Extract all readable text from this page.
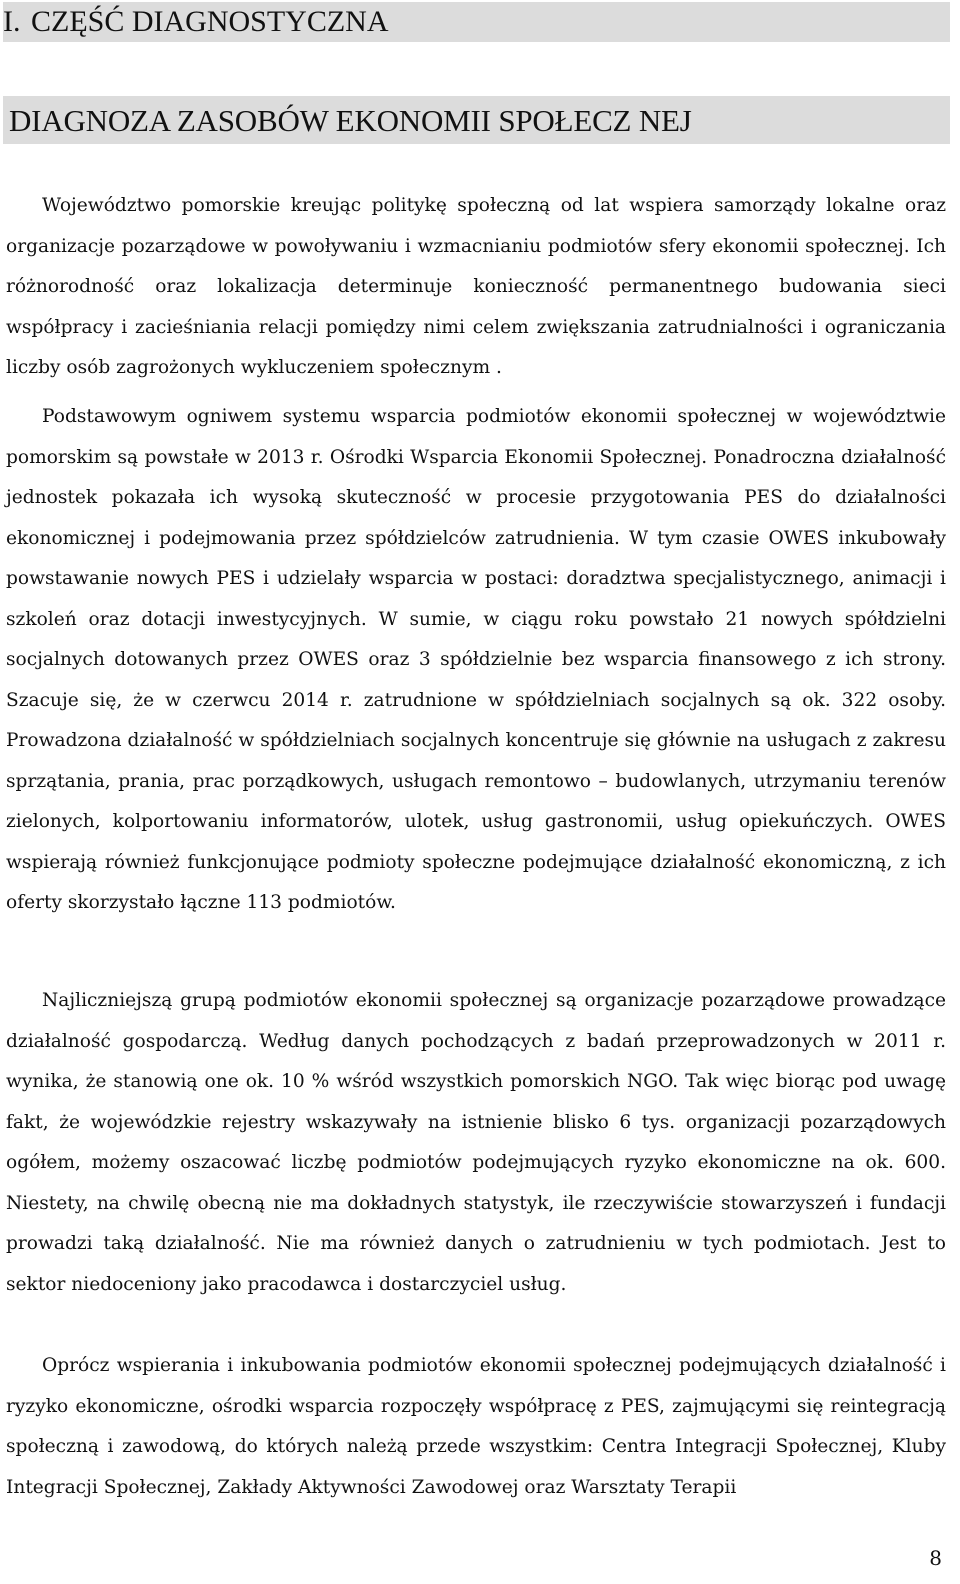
I. CZĘŚĆ DIAGNOSTYCZNA
DIAGNOZA ZASOBÓW EKONOMII SPOŁECZ NEJ

Województwo pomorskie kreując politykę społeczną od lat wspiera samorządy lokalne oraz organizacje pozarządowe w powoływaniu i wzmacnianiu podmiotów sfery ekonomii społecznej. Ich różnorodność oraz lokalizacja determinuje konieczność permanentnego budowania sieci współpracy i zacieśniania relacji pomiędzy nimi celem zwiększania zatrudnialności i ograniczania liczby osób zagrożonych wykluczeniem społecznym .

Podstawowym ogniwem systemu wsparcia podmiotów ekonomii społecznej w województwie pomorskim są powstałe w 2013 r. Ośrodki Wsparcia Ekonomii Społecznej. Ponadroczna działalność jednostek pokazała ich wysoką skuteczność w procesie przygotowania PES do działalności ekonomicznej i podejmowania przez spółdzielców zatrudnienia. W tym czasie OWES inkubowały powstawanie nowych PES i udzielały wsparcia w postaci: doradztwa specjalistycznego, animacji i szkoleń oraz dotacji inwestycyjnych. W sumie, w ciągu roku powstało 21 nowych spółdzielni socjalnych dotowanych przez OWES oraz 3 spółdzielnie bez wsparcia finansowego z ich strony. Szacuje się, że w czerwcu 2014 r. zatrudnione w spółdzielniach socjalnych są ok. 322 osoby. Prowadzona działalność w spółdzielniach socjalnych koncentruje się głównie na usługach z zakresu sprzątania, prania, prac porządkowych, usługach remontowo – budowlanych, utrzymaniu terenów zielonych, kolportowaniu informatorów, ulotek, usług gastronomii, usług opiekuńczych. OWES wspierają również funkcjonujące podmioty społeczne podejmujące działalność ekonomiczną, z ich oferty skorzystało łączne 113 podmiotów.

Najliczniejszą grupą podmiotów ekonomii społecznej są organizacje pozarządowe prowadzące działalność gospodarczą. Według danych pochodzących z badań przeprowadzonych w 2011 r. wynika, że stanowią one ok. 10 % wśród wszystkich pomorskich NGO. Tak więc biorąc pod uwagę fakt, że wojewódzkie rejestry wskazywały na istnienie blisko 6 tys. organizacji pozarządowych ogółem, możemy oszacować liczbę podmiotów podejmujących ryzyko ekonomiczne na ok. 600. Niestety, na chwilę obecną nie ma dokładnych statystyk, ile rzeczywiście stowarzyszeń i fundacji prowadzi taką działalność. Nie ma również danych o zatrudnieniu w tych podmiotach. Jest to sektor niedoceniony jako pracodawca i dostarczyciel usług.

Oprócz wspierania i inkubowania podmiotów ekonomii społecznej podejmujących działalność i ryzyko ekonomiczne, ośrodki wsparcia rozpoczęły współpracę z PES, zajmującymi się reintegracją społeczną i zawodową, do których należą przede wszystkim: Centra Integracji Społecznej, Kluby Integracji Społecznej, Zakłady Aktywności Zawodowej oraz Warsztaty Terapii

8
